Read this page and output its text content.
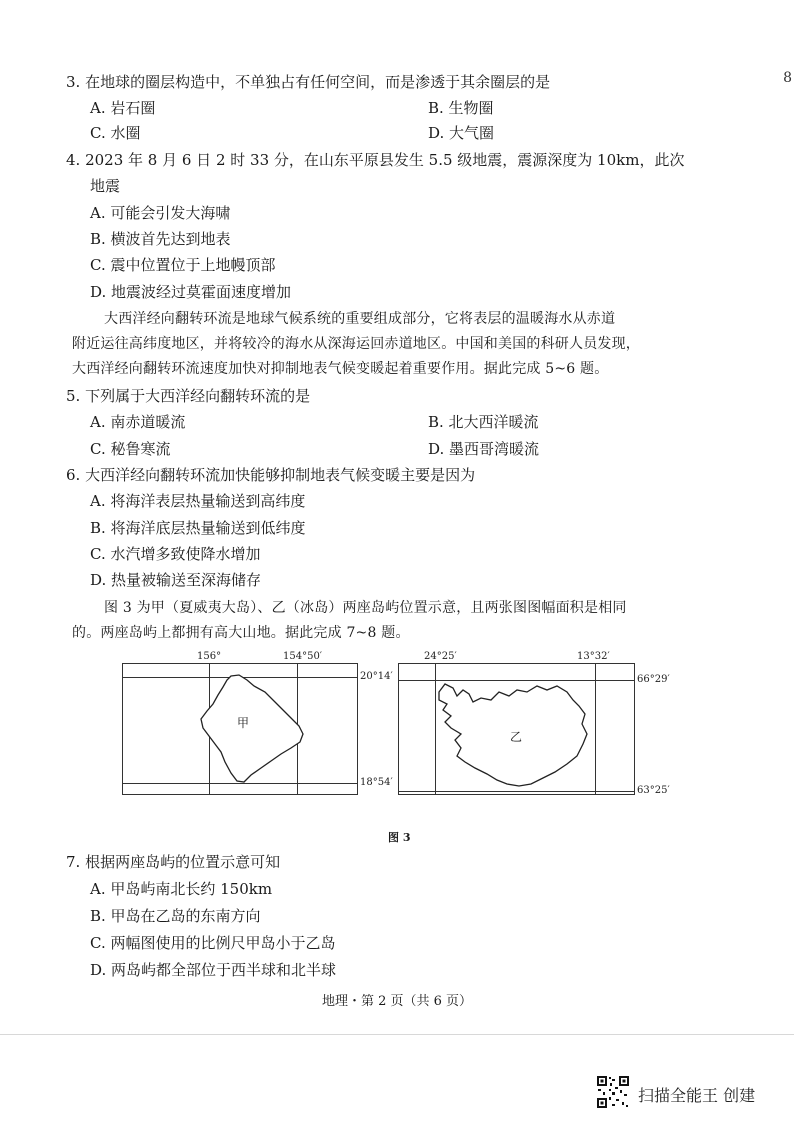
8
3. 在地球的圈层构造中，不单独占有任何空间，而是渗透于其余圈层的是
A. 岩石圈	B. 生物圈
C. 水圈	D. 大气圈
4. 2023 年 8 月 6 日 2 时 33 分，在山东平原县发生 5.5 级地震，震源深度为 10km，此次
地震
A. 可能会引发大海啸
B. 横波首先达到地表
C. 震中位置位于上地幔顶部
D. 地震波经过莫霍面速度增加
大西洋经向翻转环流是地球气候系统的重要组成部分，它将表层的温暖海水从赤道
附近运往高纬度地区，并将较冷的海水从深海运回赤道地区。中国和美国的科研人员发现，
大西洋经向翻转环流速度加快对抑制地表气候变暖起着重要作用。据此完成 5~6 题。
5. 下列属于大西洋经向翻转环流的是
A. 南赤道暖流	B. 北大西洋暖流
C. 秘鲁寒流	D. 墨西哥湾暖流
6. 大西洋经向翻转环流加快能够抑制地表气候变暖主要是因为
A. 将海洋表层热量输送到高纬度
B. 将海洋底层热量输送到低纬度
C. 水汽增多致使降水增加
D. 热量被输送至深海储存
图 3 为甲（夏威夷大岛）、乙（冰岛）两座岛屿位置示意，且两张图图幅面积是相同
的。两座岛屿上都拥有高大山地。据此完成 7~8 题。
156°	154°50′
甲
20°14′
18°54′
24°25′	13°32′
乙
66°29′
63°25′
图 3
7. 根据两座岛屿的位置示意可知
A. 甲岛屿南北长约 150km
B. 甲岛在乙岛的东南方向
C. 两幅图使用的比例尺甲岛小于乙岛
D. 两岛屿都全部位于西半球和北半球
地理・第 2 页（共 6 页）
扫描全能王 创建
